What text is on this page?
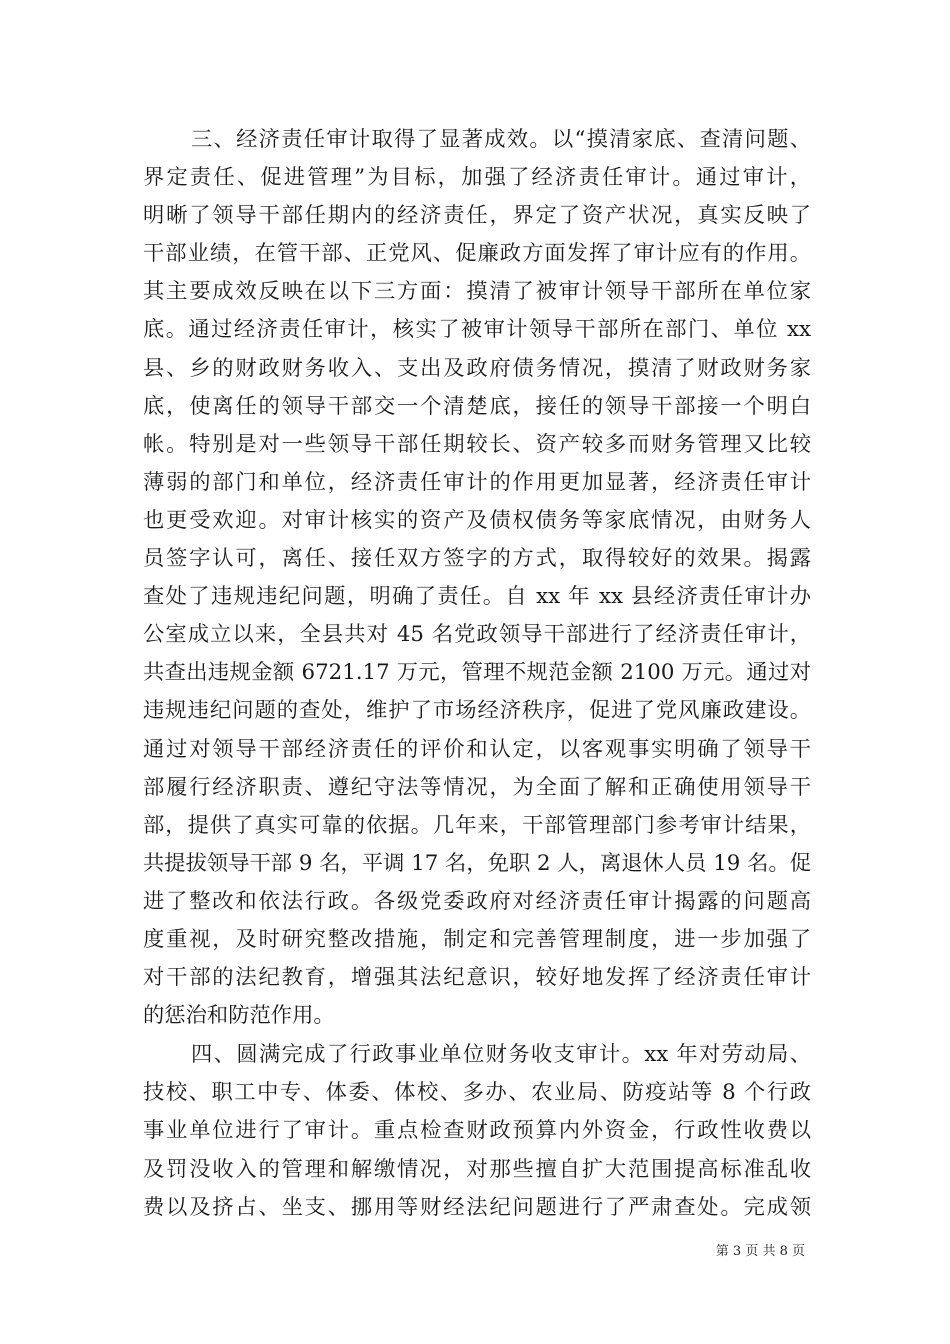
三、经济责任审计取得了显著成效。以“摸清家底、查清问题、
界定责任、促进管理”为目标，加强了经济责任审计。通过审计，
明晰了领导干部任期内的经济责任，界定了资产状况，真实反映了
干部业绩，在管干部、正党风、促廉政方面发挥了审计应有的作用。
其主要成效反映在以下三方面：摸清了被审计领导干部所在单位家
底。通过经济责任审计，核实了被审计领导干部所在部门、单位 xx
县、乡的财政财务收入、支出及政府债务情况，摸清了财政财务家
底，使离任的领导干部交一个清楚底，接任的领导干部接一个明白
帐。特别是对一些领导干部任期较长、资产较多而财务管理又比较
薄弱的部门和单位，经济责任审计的作用更加显著，经济责任审计
也更受欢迎。对审计核实的资产及债权债务等家底情况，由财务人
员签字认可，离任、接任双方签字的方式，取得较好的效果。揭露
查处了违规违纪问题，明确了责任。自 xx 年 xx 县经济责任审计办
公室成立以来，全县共对 45 名党政领导干部进行了经济责任审计，
共查出违规金额 6721.17 万元，管理不规范金额 2100 万元。通过对
违规违纪问题的查处，维护了市场经济秩序，促进了党风廉政建设。
通过对领导干部经济责任的评价和认定，以客观事实明确了领导干
部履行经济职责、遵纪守法等情况，为全面了解和正确使用领导干
部，提供了真实可靠的依据。几年来，干部管理部门参考审计结果，
共提拔领导干部 9 名，平调 17 名，免职 2 人，离退休人员 19 名。促
进了整改和依法行政。各级党委政府对经济责任审计揭露的问题高
度重视，及时研究整改措施，制定和完善管理制度，进一步加强了
对干部的法纪教育，增强其法纪意识，较好地发挥了经济责任审计
的惩治和防范作用。
四、圆满完成了行政事业单位财务收支审计。xx 年对劳动局、
技校、职工中专、体委、体校、多办、农业局、防疫站等 8 个行政
事业单位进行了审计。重点检查财政预算内外资金，行政性收费以
及罚没收入的管理和解缴情况，对那些擅自扩大范围提高标准乱收
费以及挤占、坐支、挪用等财经法纪问题进行了严肃查处。完成领
第 3 页 共 8 页
